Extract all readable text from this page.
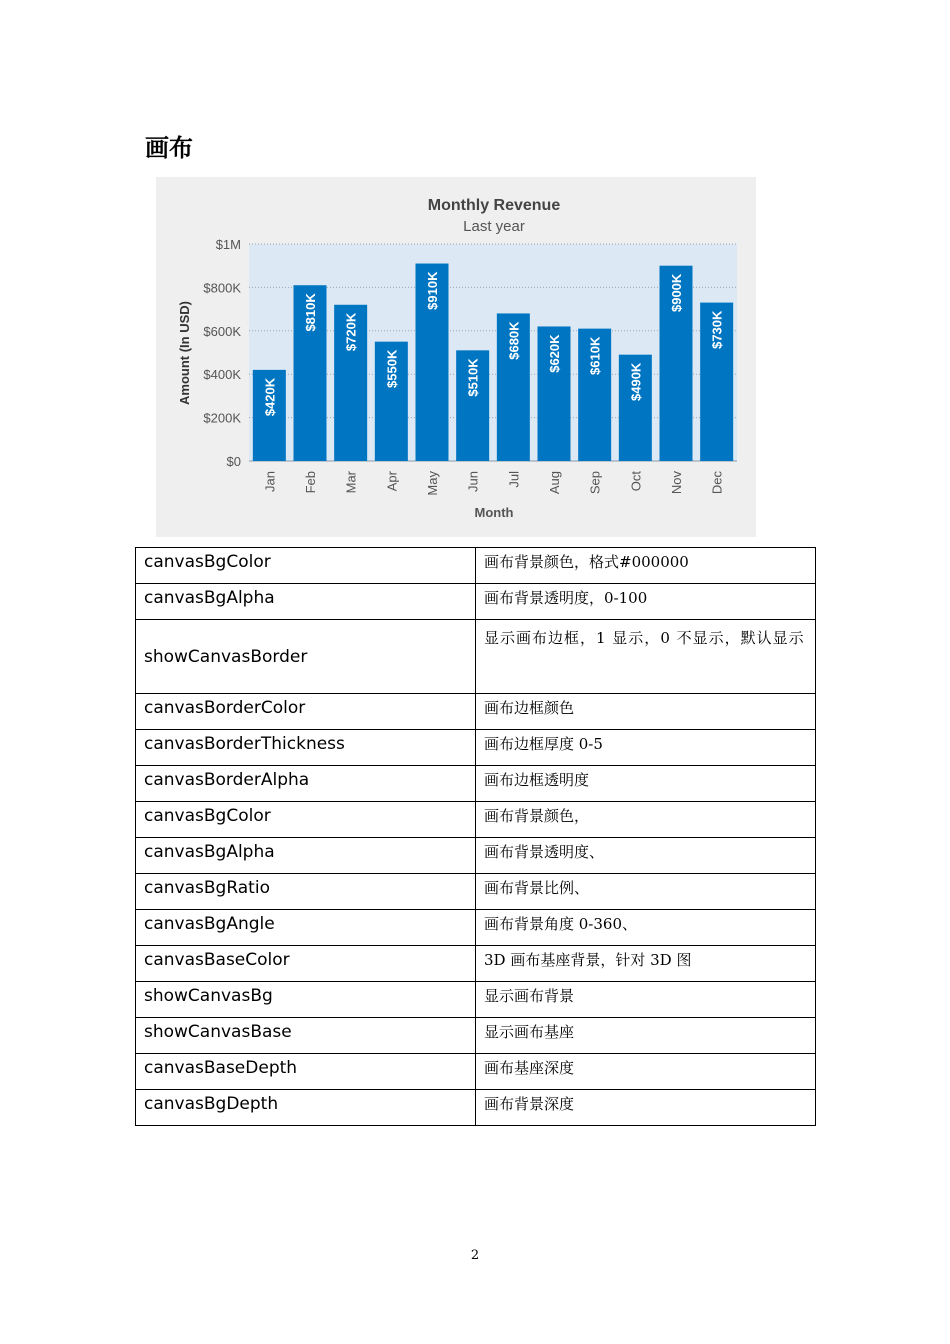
画布
$420K
$810K
$720K
$550K
$910K
$510K
$680K $620K $610K
$490K
$900K
$730K
$0
$200K
$400K
$600K
$800K
$1M
Jan Feb Mar Apr May Jun Jul Aug Sep Oct Nov Dec
Monthly Revenue
Last year
Month
Amount (In USD)
canvasBgColor	画布背景颜色，格式#000000
canvasBgAlpha	画布背景透明度，0-100
showCanvasBorder	显示画布边框，1 显示，0 不显示，默认显示
canvasBorderColor	画布边框颜色
canvasBorderThickness	画布边框厚度 0-5
canvasBorderAlpha	画布边框透明度
canvasBgColor	画布背景颜色，
canvasBgAlpha	画布背景透明度、
canvasBgRatio	画布背景比例、
canvasBgAngle	画布背景角度 0-360、
canvasBaseColor	3D 画布基座背景，针对 3D 图
showCanvasBg	显示画布背景
showCanvasBase	显示画布基座
canvasBaseDepth	画布基座深度
canvasBgDepth	画布背景深度
2
